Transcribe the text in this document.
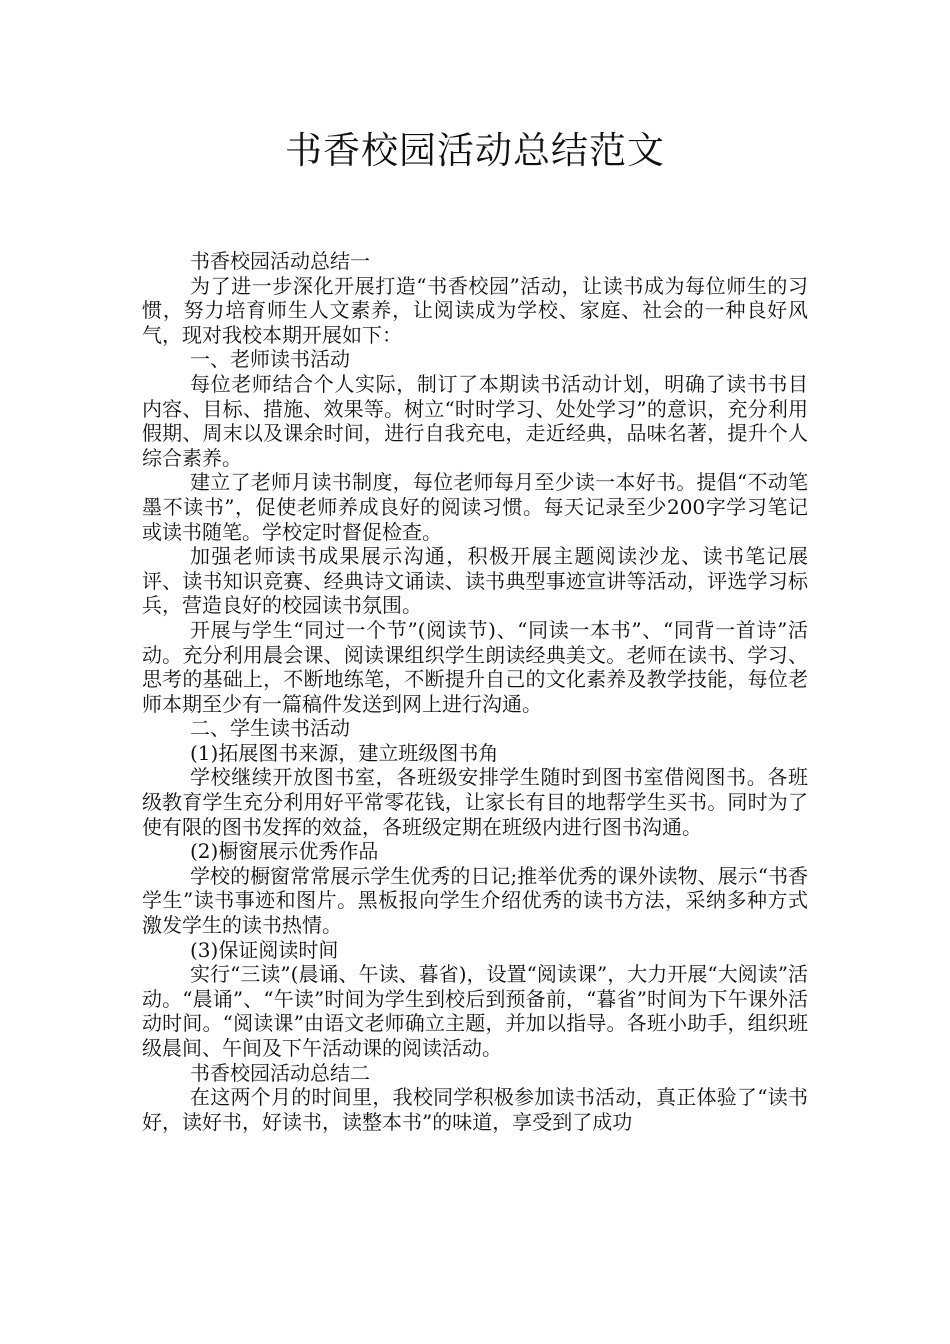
书香校园活动总结范文

书香校园活动总结一

为了进一步深化开展打造“书香校园”活动，让读书成为每位师生的习惯，努力培育师生人文素养，让阅读成为学校、家庭、社会的一种良好风气，现对我校本期开展如下：

一、老师读书活动

每位老师结合个人实际，制订了本期读书活动计划，明确了读书书目内容、目标、措施、效果等。树立“时时学习、处处学习”的意识，充分利用假期、周末以及课余时间，进行自我充电，走近经典，品味名著，提升个人综合素养。

建立了老师月读书制度，每位老师每月至少读一本好书。提倡“不动笔墨不读书”，促使老师养成良好的阅读习惯。每天记录至少200字学习笔记或读书随笔。学校定时督促检查。

加强老师读书成果展示沟通，积极开展主题阅读沙龙、读书笔记展评、读书知识竞赛、经典诗文诵读、读书典型事迹宣讲等活动，评选学习标兵，营造良好的校园读书氛围。

开展与学生“同过一个节”(阅读节)、“同读一本书”、“同背一首诗”活动。充分利用晨会课、阅读课组织学生朗读经典美文。老师在读书、学习、思考的基础上，不断地练笔，不断提升自己的文化素养及教学技能，每位老师本期至少有一篇稿件发送到网上进行沟通。

二、学生读书活动

(1)拓展图书来源，建立班级图书角

学校继续开放图书室，各班级安排学生随时到图书室借阅图书。各班级教育学生充分利用好平常零花钱，让家长有目的地帮学生买书。同时为了使有限的图书发挥的效益，各班级定期在班级内进行图书沟通。

(2)橱窗展示优秀作品

学校的橱窗常常展示学生优秀的日记;推举优秀的课外读物、展示“书香学生”读书事迹和图片。黑板报向学生介绍优秀的读书方法，采纳多种方式激发学生的读书热情。

(3)保证阅读时间

实行“三读”(晨诵、午读、暮省)，设置“阅读课”，大力开展“大阅读”活动。“晨诵”、“午读”时间为学生到校后到预备前，“暮省”时间为下午课外活动时间。“阅读课”由语文老师确立主题，并加以指导。各班小助手，组织班级晨间、午间及下午活动课的阅读活动。

书香校园活动总结二

在这两个月的时间里，我校同学积极参加读书活动，真正体验了“读书好，读好书，好读书，读整本书”的味道，享受到了成功
